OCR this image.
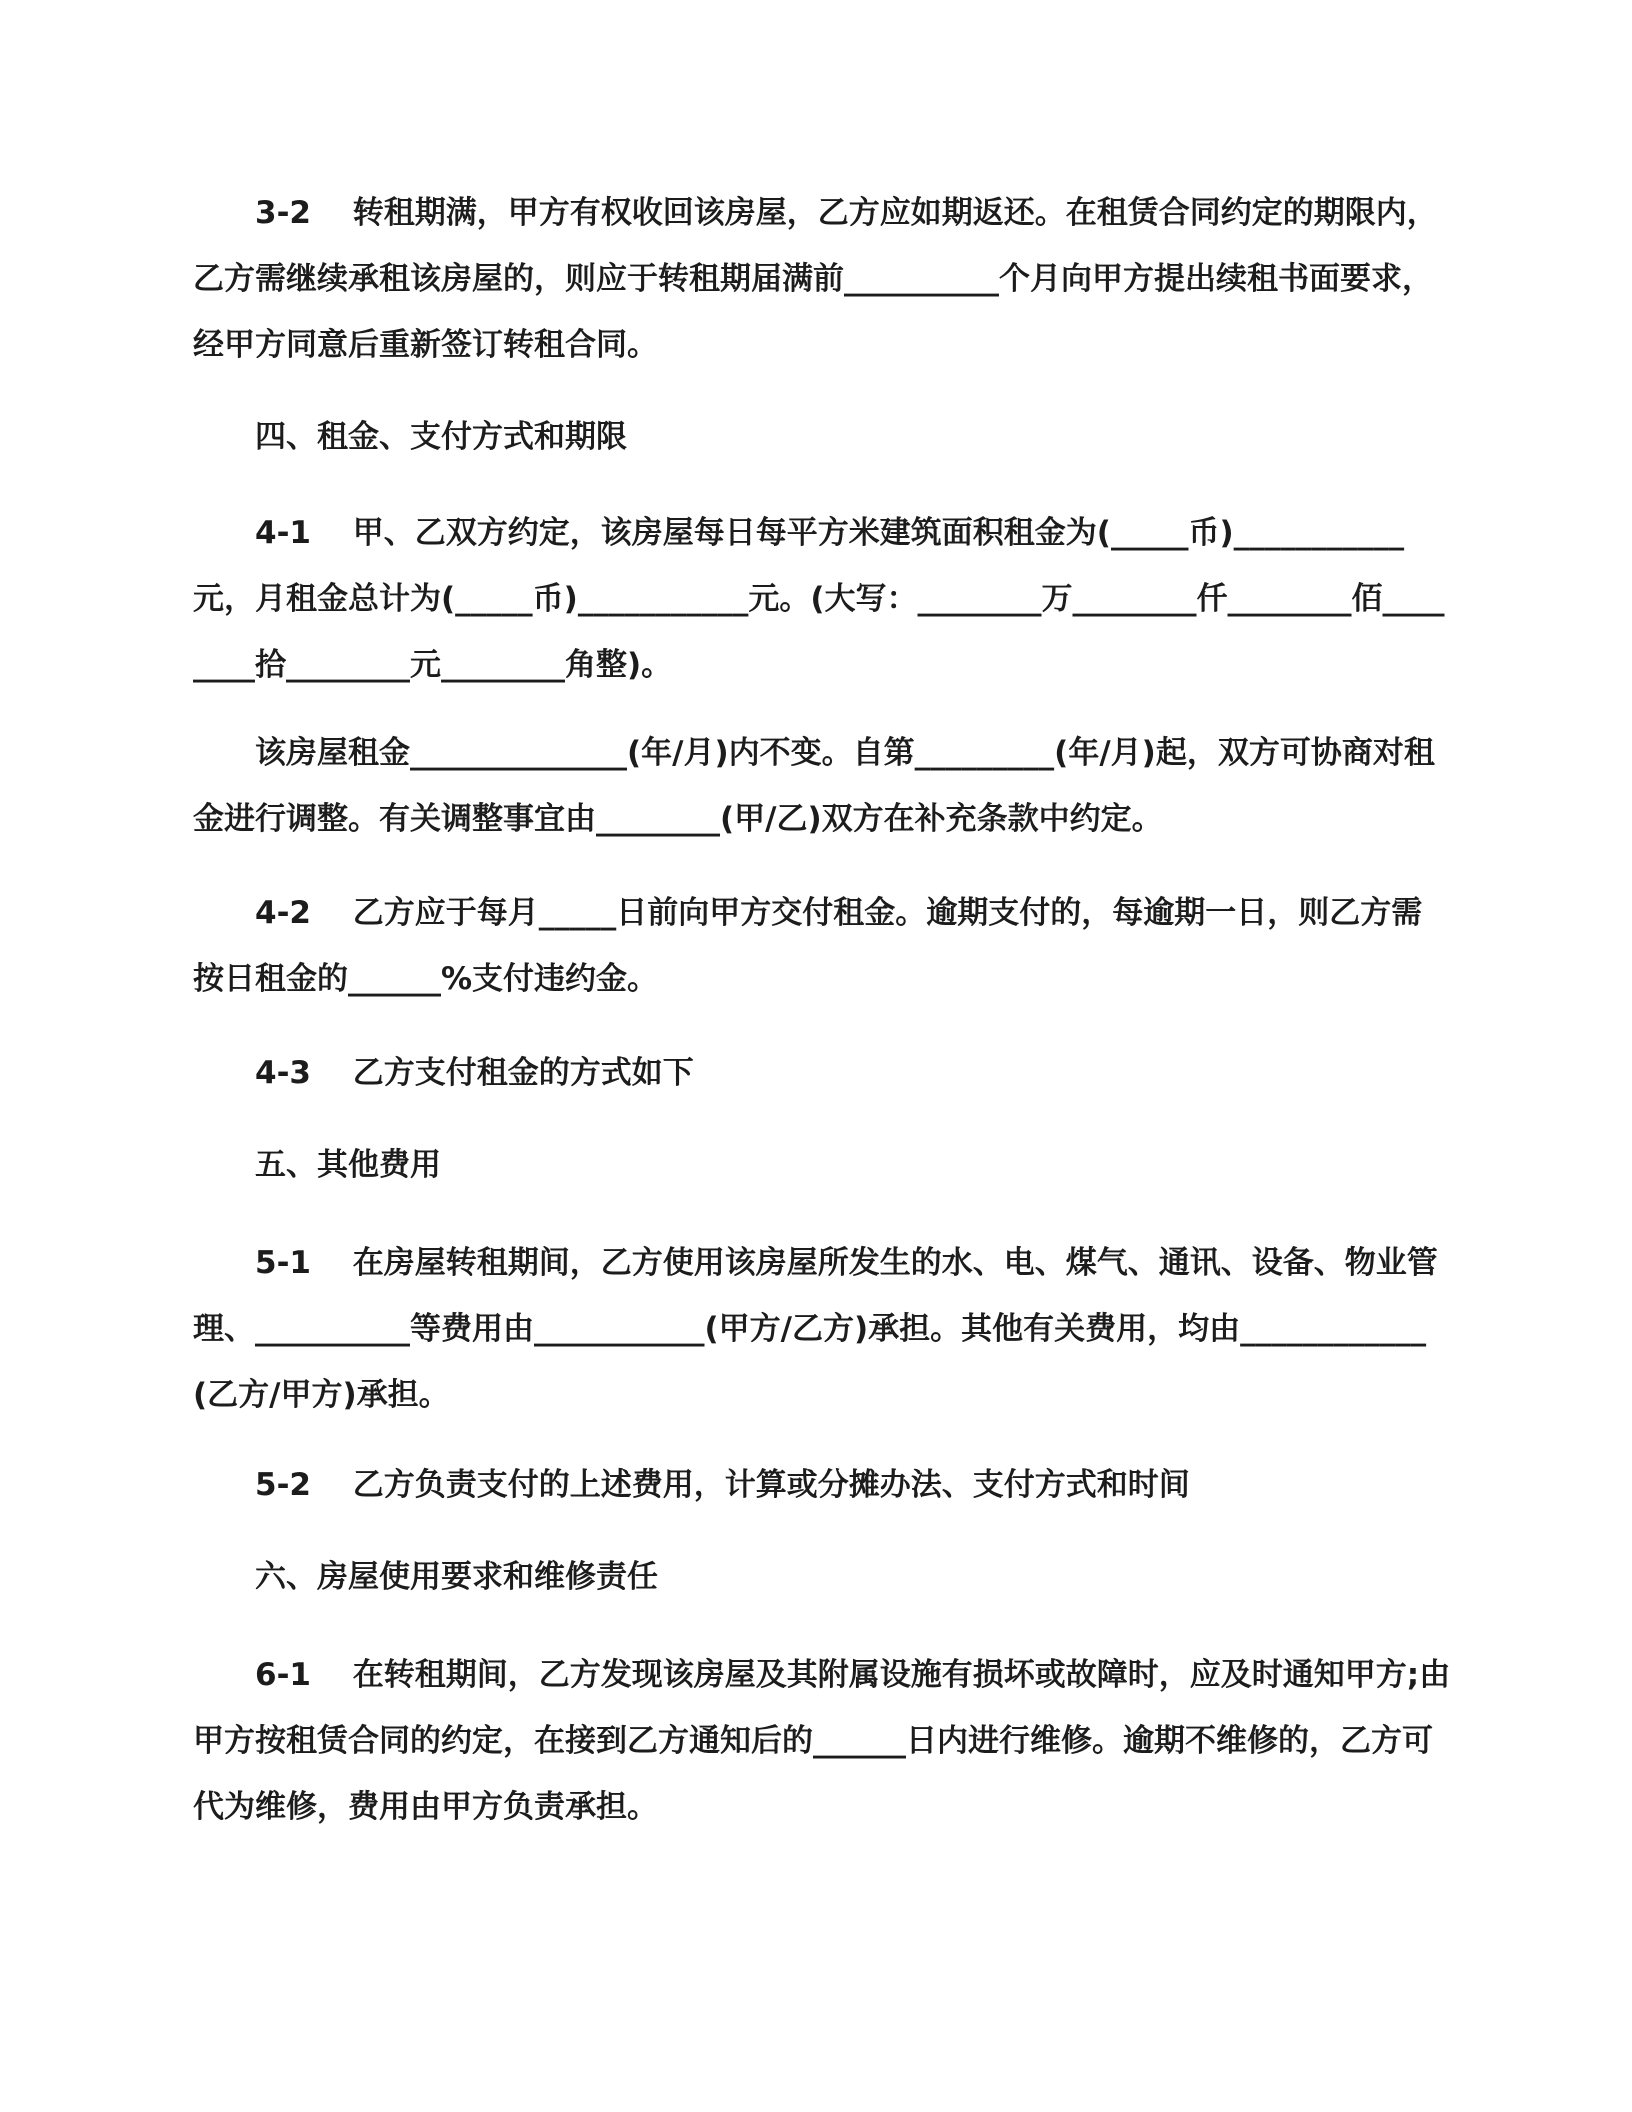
3-2　 转租期满，甲方有权收回该房屋，乙方应如期返还。在租赁合同约定的期限内，乙方需继续承租该房屋的，则应于转租期届满前__________个月向甲方提出续租书面要求，经甲方同意后重新签订转租合同。

四、租金、支付方式和期限

4-1　 甲、乙双方约定，该房屋每日每平方米建筑面积租金为(_____币)___________元，月租金总计为(_____币)___________元。(大写：________万________仟________佰________拾________元________角整)。

该房屋租金______________(年/月)内不变。自第_________(年/月)起，双方可协商对租金进行调整。有关调整事宜由________(甲/乙)双方在补充条款中约定。

4-2　 乙方应于每月_____日前向甲方交付租金。逾期支付的，每逾期一日，则乙方需按日租金的______%支付违约金。

4-3　 乙方支付租金的方式如下

五、其他费用

5-1　 在房屋转租期间，乙方使用该房屋所发生的水、电、煤气、通讯、设备、物业管理、__________等费用由___________(甲方/乙方)承担。其他有关费用，均由____________(乙方/甲方)承担。

5-2　 乙方负责支付的上述费用，计算或分摊办法、支付方式和时间

六、房屋使用要求和维修责任

6-1　 在转租期间，乙方发现该房屋及其附属设施有损坏或故障时，应及时通知甲方;由甲方按租赁合同的约定，在接到乙方通知后的______日内进行维修。逾期不维修的，乙方可代为维修，费用由甲方负责承担。
